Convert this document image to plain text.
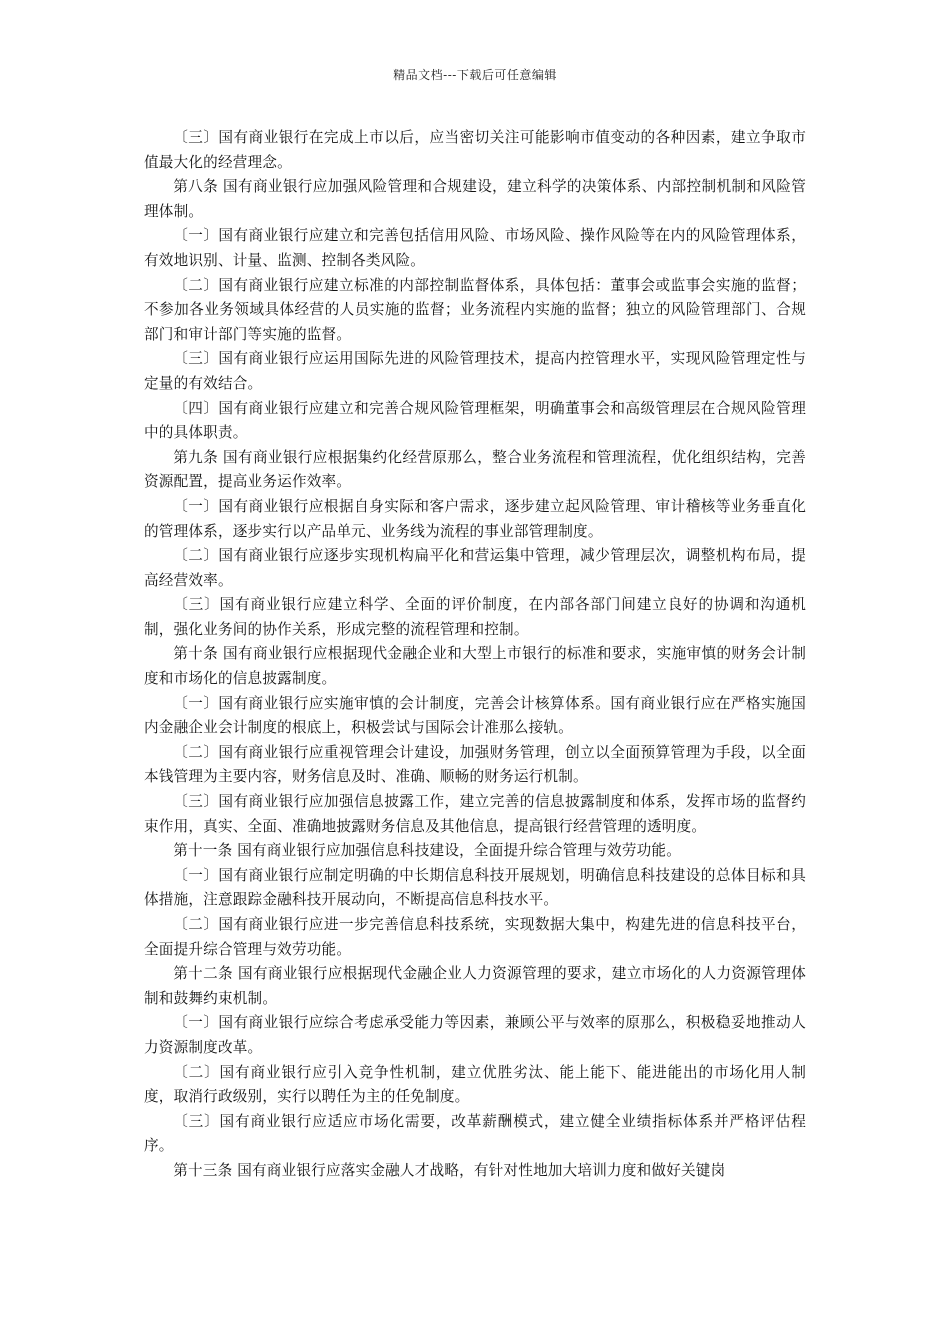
精品文档---下载后可任意编辑

〔三〕国有商业银行在完成上市以后，应当密切关注可能影响市值变动的各种因素，建立争取市值最大化的经营理念。

第八条 国有商业银行应加强风险管理和合规建设，建立科学的决策体系、内部控制机制和风险管理体制。

〔一〕国有商业银行应建立和完善包括信用风险、市场风险、操作风险等在内的风险管理体系，有效地识别、计量、监测、控制各类风险。

〔二〕国有商业银行应建立标准的内部控制监督体系，具体包括：董事会或监事会实施的监督；不参加各业务领域具体经营的人员实施的监督；业务流程内实施的监督；独立的风险管理部门、合规部门和审计部门等实施的监督。

〔三〕国有商业银行应运用国际先进的风险管理技术，提高内控管理水平，实现风险管理定性与定量的有效结合。

〔四〕国有商业银行应建立和完善合规风险管理框架，明确董事会和高级管理层在合规风险管理中的具体职责。

第九条 国有商业银行应根据集约化经营原那么，整合业务流程和管理流程，优化组织结构，完善资源配置，提高业务运作效率。

〔一〕国有商业银行应根据自身实际和客户需求，逐步建立起风险管理、审计稽核等业务垂直化的管理体系，逐步实行以产品单元、业务线为流程的事业部管理制度。

〔二〕国有商业银行应逐步实现机构扁平化和营运集中管理，减少管理层次，调整机构布局，提高经营效率。

〔三〕国有商业银行应建立科学、全面的评价制度，在内部各部门间建立良好的协调和沟通机制，强化业务间的协作关系，形成完整的流程管理和控制。

第十条 国有商业银行应根据现代金融企业和大型上市银行的标准和要求，实施审慎的财务会计制度和市场化的信息披露制度。

〔一〕国有商业银行应实施审慎的会计制度，完善会计核算体系。国有商业银行应在严格实施国内金融企业会计制度的根底上，积极尝试与国际会计准那么接轨。

〔二〕国有商业银行应重视管理会计建设，加强财务管理，创立以全面预算管理为手段，以全面本钱管理为主要内容，财务信息及时、准确、顺畅的财务运行机制。

〔三〕国有商业银行应加强信息披露工作，建立完善的信息披露制度和体系，发挥市场的监督约束作用，真实、全面、准确地披露财务信息及其他信息，提高银行经营管理的透明度。

第十一条 国有商业银行应加强信息科技建设，全面提升综合管理与效劳功能。

〔一〕国有商业银行应制定明确的中长期信息科技开展规划，明确信息科技建设的总体目标和具体措施，注意跟踪金融科技开展动向，不断提高信息科技水平。

〔二〕国有商业银行应进一步完善信息科技系统，实现数据大集中，构建先进的信息科技平台，全面提升综合管理与效劳功能。

第十二条 国有商业银行应根据现代金融企业人力资源管理的要求，建立市场化的人力资源管理体制和鼓舞约束机制。

〔一〕国有商业银行应综合考虑承受能力等因素，兼顾公平与效率的原那么，积极稳妥地推动人力资源制度改革。

〔二〕国有商业银行应引入竞争性机制，建立优胜劣汰、能上能下、能进能出的市场化用人制度，取消行政级别，实行以聘任为主的任免制度。

〔三〕国有商业银行应适应市场化需要，改革薪酬模式，建立健全业绩指标体系并严格评估程序。

第十三条 国有商业银行应落实金融人才战略，有针对性地加大培训力度和做好关键岗
